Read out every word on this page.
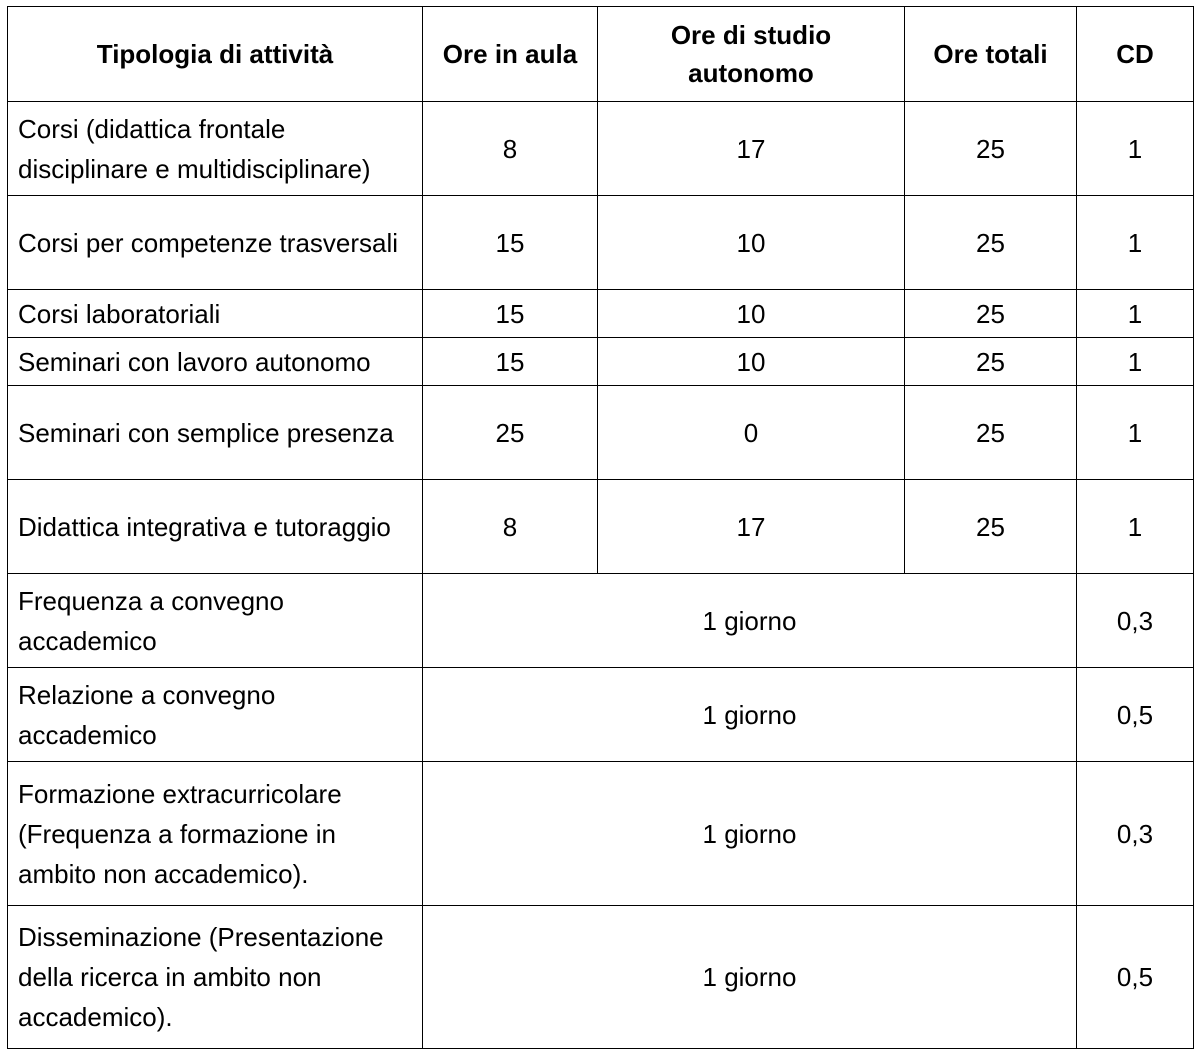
Tipologia di attività	Ore in aula	Ore di studio autonomo	Ore totali	CD
Corsi (didattica frontale disciplinare e multidisciplinare)	8	17	25	1
Corsi per competenze trasversali	15	10	25	1
Corsi laboratoriali	15	10	25	1
Seminari con lavoro autonomo	15	10	25	1
Seminari con semplice presenza	25	0	25	1
Didattica integrativa e tutoraggio	8	17	25	1
Frequenza a convegno accademico	1 giorno			0,3
Relazione a convegno accademico	1 giorno			0,5
Formazione extracurricolare (Frequenza a formazione in ambito non accademico).	1 giorno			0,3
Disseminazione (Presentazione della ricerca in ambito non accademico).	1 giorno			0,5
